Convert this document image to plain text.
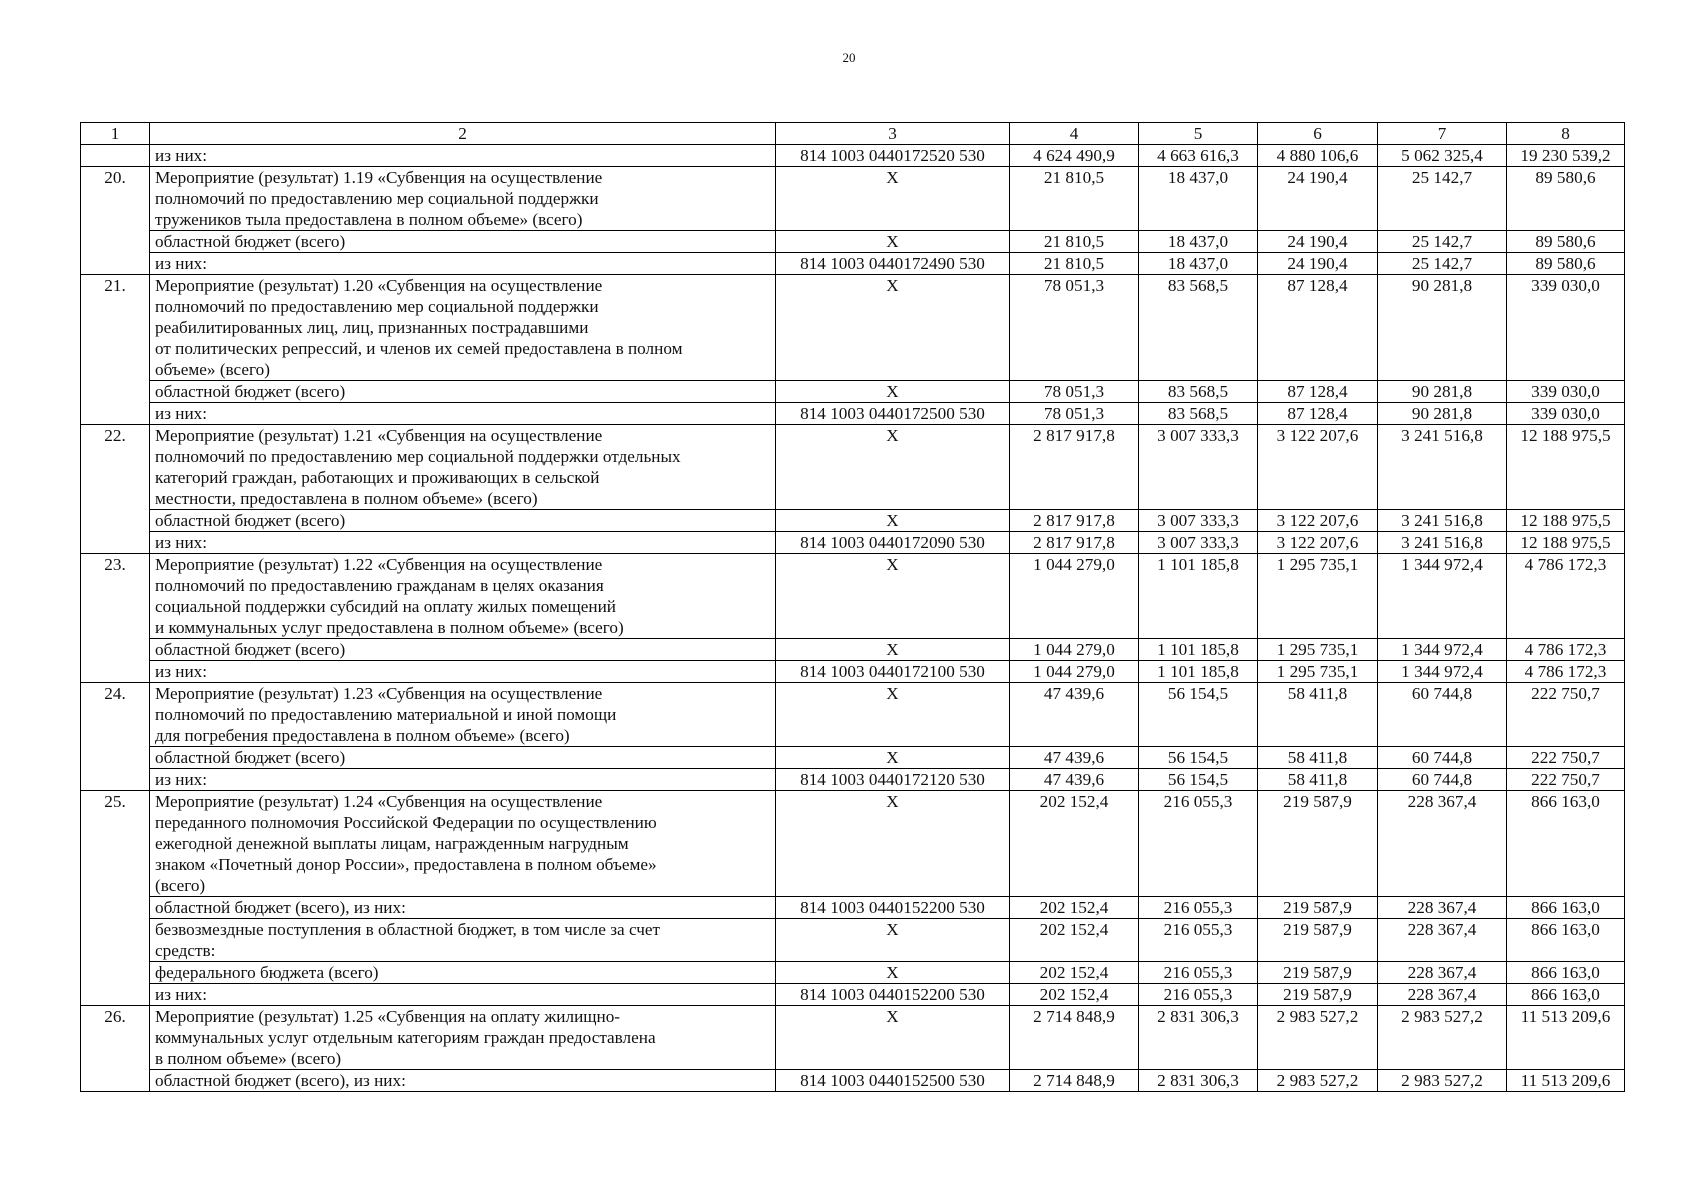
20
1	2	3	4	5	6	7	8

	из них:	814 1003 0440172520 530	4 624 490,9	4 663 616,3	4 880 106,6	5 062 325,4	19 230 539,2
20.	Мероприятие (результат) 1.19 «Субвенция на осуществление
полномочий по предоставлению мер социальной поддержки
тружеников тыла предоставлена в полном объеме» (всего)	X	21 810,5	18 437,0	24 190,4	25 142,7	89 580,6

	областной бюджет (всего)	X	21 810,5	18 437,0	24 190,4	25 142,7	89 580,6

	из них:	814 1003 0440172490 530	21 810,5	18 437,0	24 190,4	25 142,7	89 580,6
21.	Мероприятие (результат) 1.20 «Субвенция на осуществление
полномочий по предоставлению мер социальной поддержки
реабилитированных лиц, лиц, признанных пострадавшими
от политических репрессий, и членов их семей предоставлена в полном
объеме» (всего)	X	78 051,3	83 568,5	87 128,4	90 281,8	339 030,0

	областной бюджет (всего)	X	78 051,3	83 568,5	87 128,4	90 281,8	339 030,0

	из них:	814 1003 0440172500 530	78 051,3	83 568,5	87 128,4	90 281,8	339 030,0
22.	Мероприятие (результат) 1.21 «Субвенция на осуществление
полномочий по предоставлению мер социальной поддержки отдельных
категорий граждан, работающих и проживающих в сельской
местности, предоставлена в полном объеме» (всего)	X	2 817 917,8	3 007 333,3	3 122 207,6	3 241 516,8	12 188 975,5

	областной бюджет (всего)	X	2 817 917,8	3 007 333,3	3 122 207,6	3 241 516,8	12 188 975,5

	из них:	814 1003 0440172090 530	2 817 917,8	3 007 333,3	3 122 207,6	3 241 516,8	12 188 975,5
23.	Мероприятие (результат) 1.22 «Субвенция на осуществление
полномочий по предоставлению гражданам в целях оказания
социальной поддержки субсидий на оплату жилых помещений
и коммунальных услуг предоставлена в полном объеме» (всего)	X	1 044 279,0	1 101 185,8	1 295 735,1	1 344 972,4	4 786 172,3

	областной бюджет (всего)	X	1 044 279,0	1 101 185,8	1 295 735,1	1 344 972,4	4 786 172,3

	из них:	814 1003 0440172100 530	1 044 279,0	1 101 185,8	1 295 735,1	1 344 972,4	4 786 172,3
24.	Мероприятие (результат) 1.23 «Субвенция на осуществление
полномочий по предоставлению материальной и иной помощи
для погребения предоставлена в полном объеме» (всего)	X	47 439,6	56 154,5	58 411,8	60 744,8	222 750,7

	областной бюджет (всего)	X	47 439,6	56 154,5	58 411,8	60 744,8	222 750,7

	из них:	814 1003 0440172120 530	47 439,6	56 154,5	58 411,8	60 744,8	222 750,7
25.	Мероприятие (результат) 1.24 «Субвенция на осуществление
переданного полномочия Российской Федерации по осуществлению
ежегодной денежной выплаты лицам, награжденным нагрудным
знаком «Почетный донор России», предоставлена в полном объеме»
(всего)	X	202 152,4	216 055,3	219 587,9	228 367,4	866 163,0

	областной бюджет (всего), из них:	814 1003 0440152200 530	202 152,4	216 055,3	219 587,9	228 367,4	866 163,0

	безвозмездные поступления в областной бюджет, в том числе за счет
средств:	X	202 152,4	216 055,3	219 587,9	228 367,4	866 163,0

	федерального бюджета (всего)	X	202 152,4	216 055,3	219 587,9	228 367,4	866 163,0

	из них:	814 1003 0440152200 530	202 152,4	216 055,3	219 587,9	228 367,4	866 163,0
26.	Мероприятие (результат) 1.25 «Субвенция на оплату жилищно-
коммунальных услуг отдельным категориям граждан предоставлена
в полном объеме» (всего)	X	2 714 848,9	2 831 306,3	2 983 527,2	2 983 527,2	11 513 209,6

	областной бюджет (всего), из них:	814 1003 0440152500 530	2 714 848,9	2 831 306,3	2 983 527,2	2 983 527,2	11 513 209,6
